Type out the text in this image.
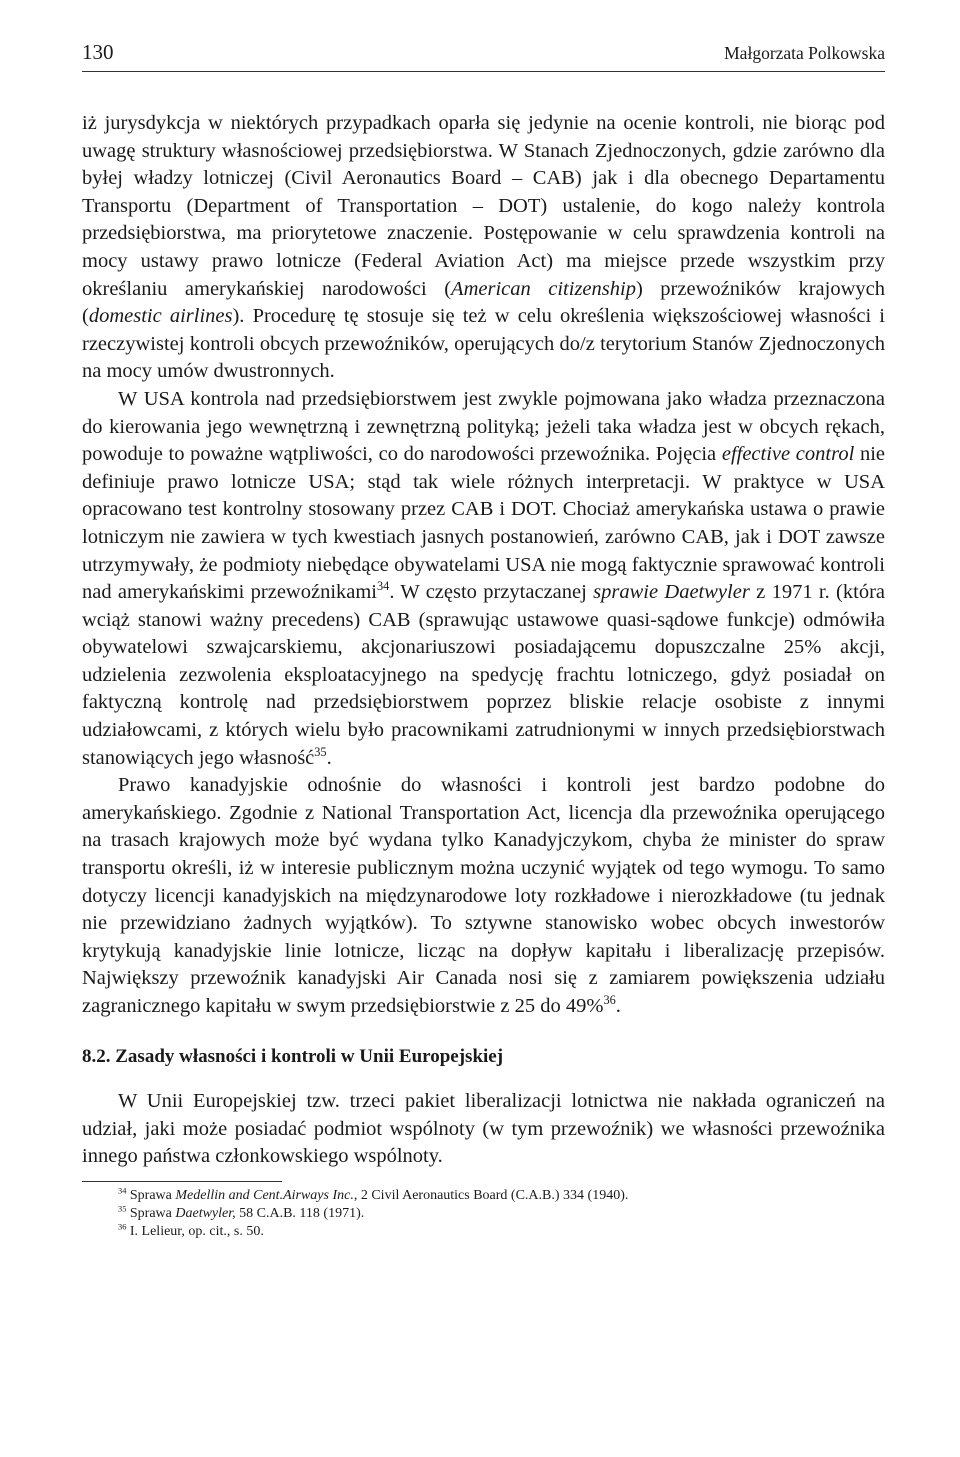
130	Małgorzata Polkowska

iż jurysdykcja w niektórych przypadkach oparła się jedynie na ocenie kontroli, nie biorąc pod uwagę struktury własnościowej przedsiębiorstwa. W Stanach Zjednoczonych, gdzie zarówno dla byłej władzy lotniczej (Civil Aeronautics Board – CAB) jak i dla obecnego Departamentu Transportu (Department of Transportation – DOT) ustalenie, do kogo należy kontrola przedsiębiorstwa, ma priorytetowe znaczenie. Postępowanie w celu sprawdzenia kontroli na mocy ustawy prawo lotnicze (Federal Aviation Act) ma miejsce przede wszystkim przy określaniu amerykańskiej narodowości (American citizenship) przewoźników krajowych (domestic airlines). Procedurę tę stosuje się też w celu określenia większościowej własności i rzeczywistej kontroli obcych przewoźników, operujących do/z terytorium Stanów Zjednoczonych na mocy umów dwustronnych.

W USA kontrola nad przedsiębiorstwem jest zwykle pojmowana jako władza przeznaczona do kierowania jego wewnętrzną i zewnętrzną polityką; jeżeli taka władza jest w obcych rękach, powoduje to poważne wątpliwości, co do narodowości przewoźnika. Pojęcia effective control nie definiuje prawo lotnicze USA; stąd tak wiele różnych interpretacji. W praktyce w USA opracowano test kontrolny stosowany przez CAB i DOT. Chociaż amerykańska ustawa o prawie lotniczym nie zawiera w tych kwestiach jasnych postanowień, zarówno CAB, jak i DOT zawsze utrzymywały, że podmioty niebędące obywatelami USA nie mogą faktycznie sprawować kontroli nad amerykańskimi przewoźnikami$^{34}$. W często przytaczanej sprawie Daetwyler z 1971 r. (która wciąż stanowi ważny precedens) CAB (sprawując ustawowe quasi-sądowe funkcje) odmówiła obywatelowi szwajcarskiemu, akcjonariuszowi posiadającemu dopuszczalne 25% akcji, udzielenia zezwolenia eksploatacyjnego na spedycję frachtu lotniczego, gdyż posiadał on faktyczną kontrolę nad przedsiębiorstwem poprzez bliskie relacje osobiste z innymi udziałowcami, z których wielu było pracownikami zatrudnionymi w innych przedsiębiorstwach stanowiących jego własność$^{35}$.

Prawo kanadyjskie odnośnie do własności i kontroli jest bardzo podobne do amerykańskiego. Zgodnie z National Transportation Act, licencja dla przewoźnika operującego na trasach krajowych może być wydana tylko Kanadyjczykom, chyba że minister do spraw transportu określi, iż w interesie publicznym można uczynić wyjątek od tego wymogu. To samo dotyczy licencji kanadyjskich na międzynarodowe loty rozkładowe i nierozkładowe (tu jednak nie przewidziano żadnych wyjątków). To sztywne stanowisko wobec obcych inwestorów krytykują kanadyjskie linie lotnicze, licząc na dopływ kapitału i liberalizację przepisów. Największy przewoźnik kanadyjski Air Canada nosi się z zamiarem powiększenia udziału zagranicznego kapitału w swym przedsiębiorstwie z 25 do 49%$^{36}$.

8.2. Zasady własności i kontroli w Unii Europejskiej

W Unii Europejskiej tzw. trzeci pakiet liberalizacji lotnictwa nie nakłada ograniczeń na udział, jaki może posiadać podmiot wspólnoty (w tym przewoźnik) we własności przewoźnika innego państwa członkowskiego wspólnoty.

$^{34}$ Sprawa Medellin and Cent.Airways Inc., 2 Civil Aeronautics Board (C.A.B.) 334 (1940).
$^{35}$ Sprawa Daetwyler, 58 C.A.B. 118 (1971).
$^{36}$ I. Lelieur, op. cit., s. 50.
